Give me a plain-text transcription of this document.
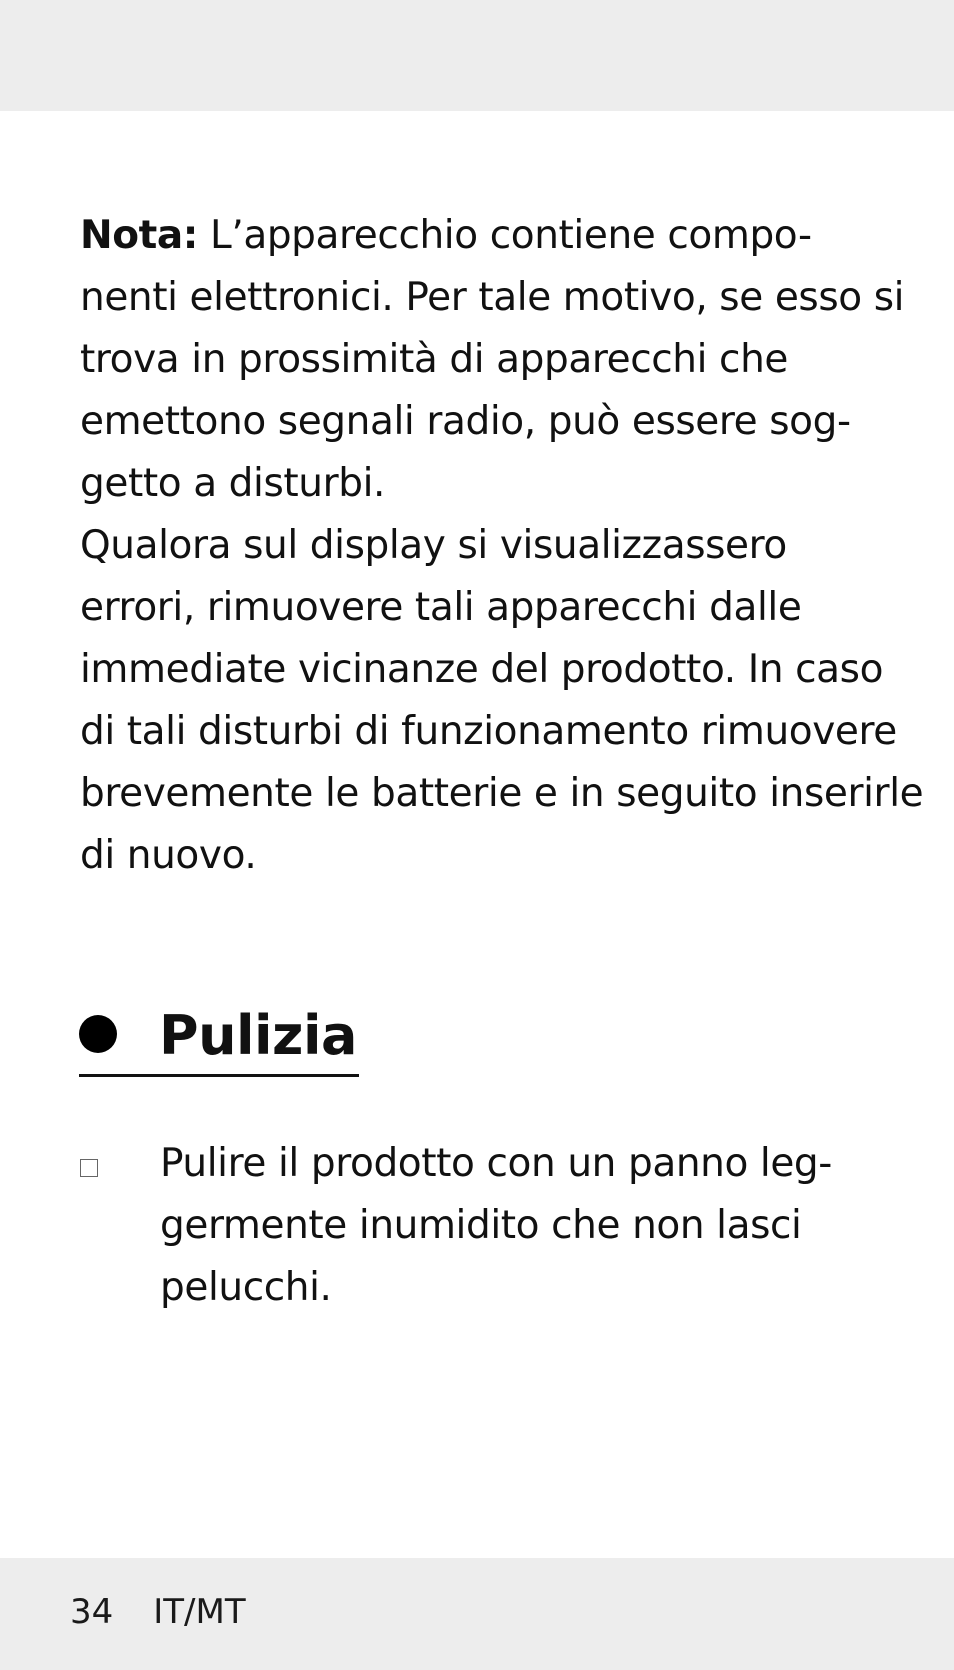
Nota: L’apparecchio contiene compo-
nenti elettronici. Per tale motivo, se esso si
trova in prossimità di apparecchi che
emettono segnali radio, può essere sog-
getto a disturbi.
Qualora sul display si visualizzassero
errori, rimuovere tali apparecchi dalle
immediate vicinanze del prodotto. In caso
di tali disturbi di funzionamento rimuovere
brevemente le batterie e in seguito inserirle
di nuovo.
Pulizia
Pulire il prodotto con un panno leg-
germente inumidito che non lasci
pelucchi.
34 IT/MT
